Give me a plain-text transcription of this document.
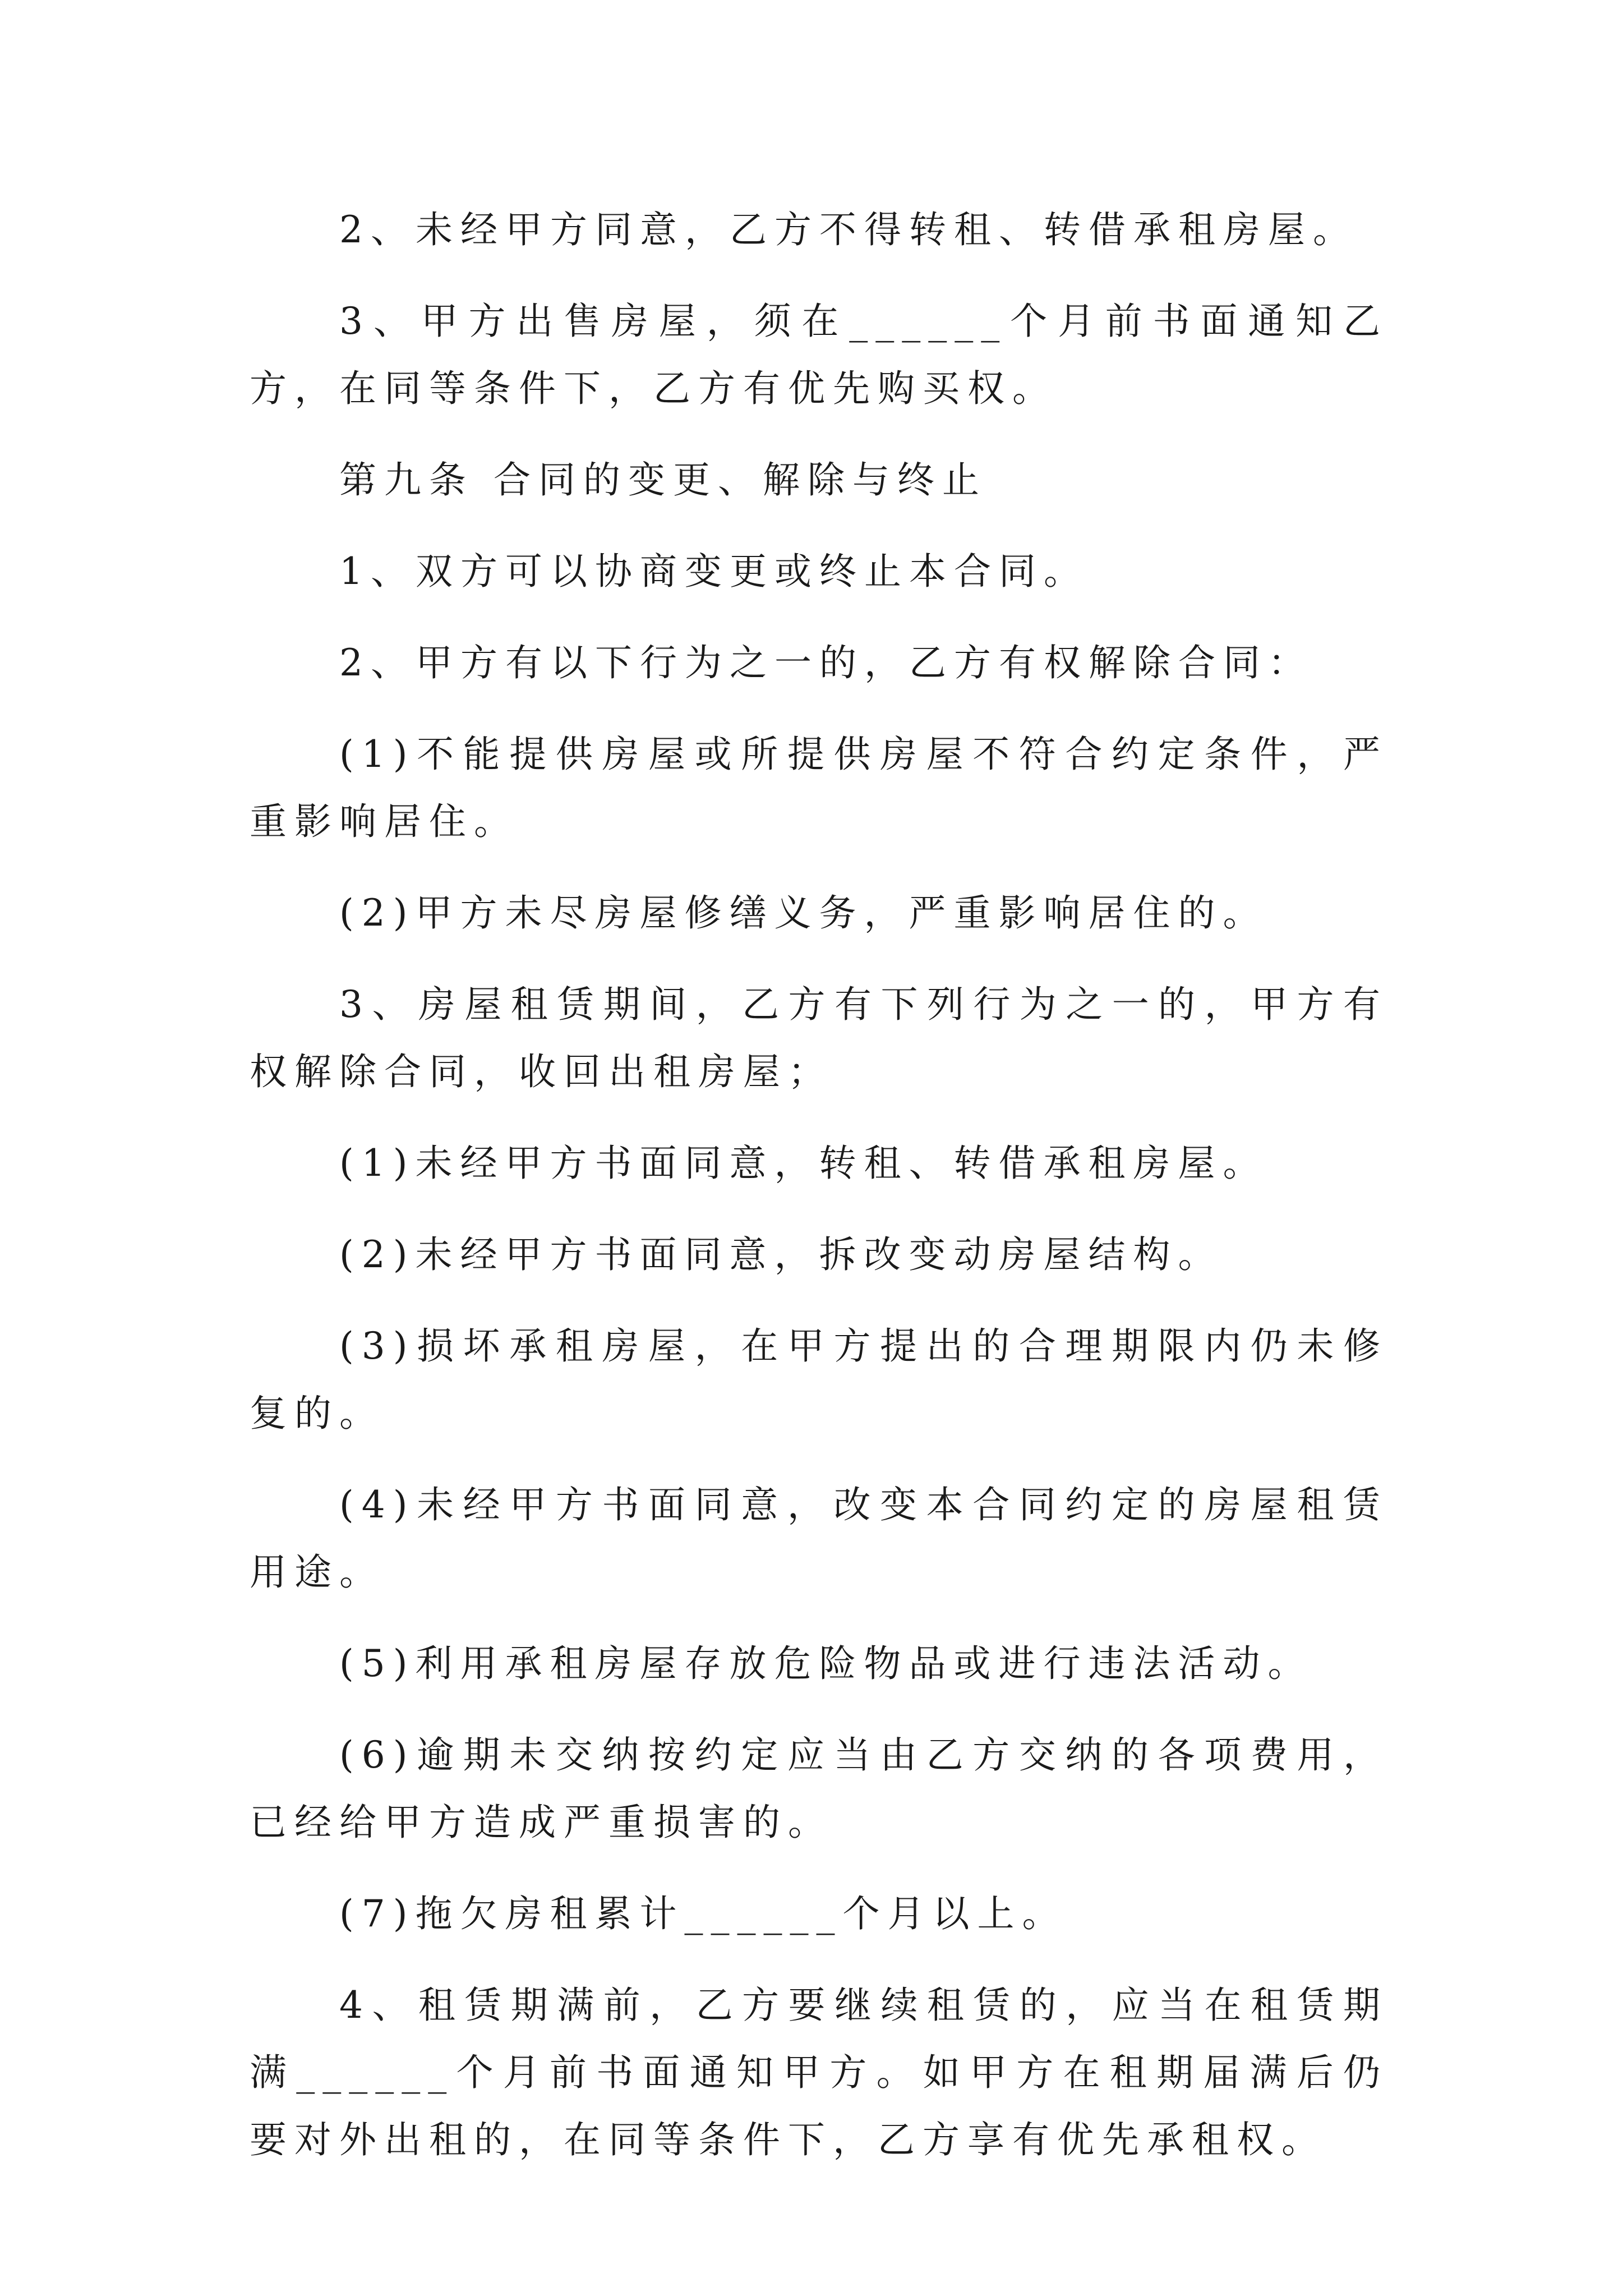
2、未经甲方同意，乙方不得转租、转借承租房屋。

3、甲方出售房屋，须在______个月前书面通知乙方，在同等条件下，乙方有优先购买权。

第九条 合同的变更、解除与终止

1、双方可以协商变更或终止本合同。

2、甲方有以下行为之一的，乙方有权解除合同：

(1)不能提供房屋或所提供房屋不符合约定条件，严重影响居住。

(2)甲方未尽房屋修缮义务，严重影响居住的。

3、房屋租赁期间，乙方有下列行为之一的，甲方有权解除合同，收回出租房屋；

(1)未经甲方书面同意，转租、转借承租房屋。

(2)未经甲方书面同意，拆改变动房屋结构。

(3)损坏承租房屋，在甲方提出的合理期限内仍未修复的。

(4)未经甲方书面同意，改变本合同约定的房屋租赁用途。

(5)利用承租房屋存放危险物品或进行违法活动。

(6)逾期未交纳按约定应当由乙方交纳的各项费用，已经给甲方造成严重损害的。

(7)拖欠房租累计______个月以上。

4、租赁期满前，乙方要继续租赁的，应当在租赁期满______个月前书面通知甲方。如甲方在租期届满后仍要对外出租的，在同等条件下，乙方享有优先承租权。
